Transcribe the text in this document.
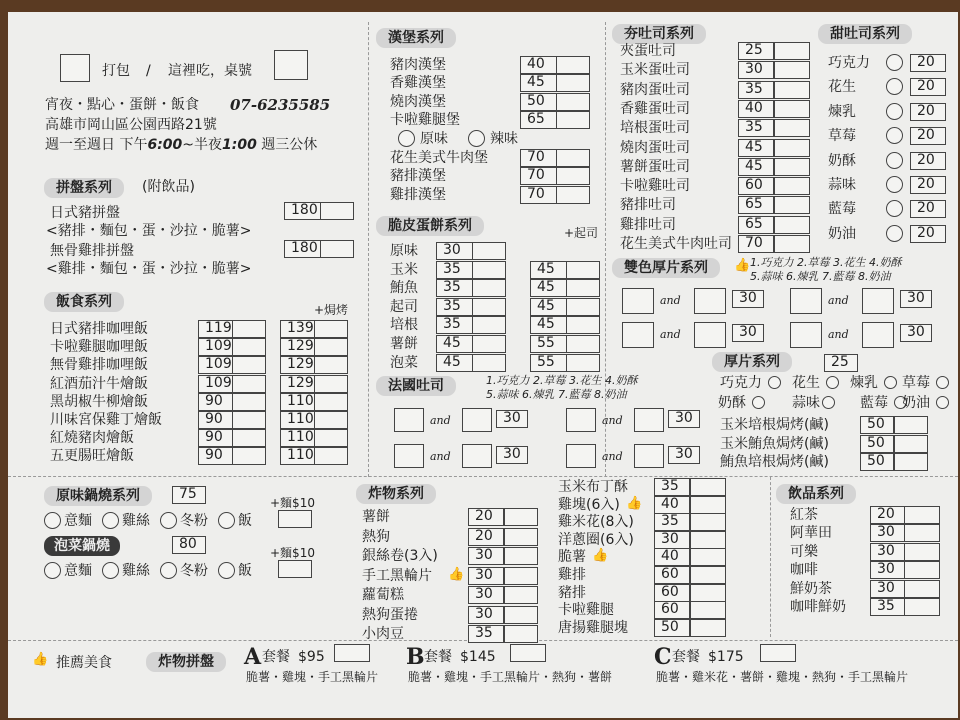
打包 / 這裡吃，桌號
宵夜・點心・蛋餅・飯食 07-6235585
高雄市岡山區公園西路21號
週一至週日 下午6:00~半夜1:00 週三公休
拼盤系列	(附飲品)
日式豬拼盤	180
<豬排・麵包・蛋・沙拉・脆薯>
無骨雞排拼盤	180
<雞排・麵包・蛋・沙拉・脆薯>
飯食系列	+焗烤
日式豬排咖哩飯	119	139
卡啦雞腿咖哩飯	109	129
無骨雞排咖哩飯	109	129
紅酒茄汁牛燴飯	109	129
黑胡椒牛柳燴飯	90	110
川味宮保雞丁燴飯	90	110
紅燒豬肉燴飯	90	110
五更腸旺燴飯	90	110
漢堡系列
豬肉漢堡	40
香雞漢堡	45
燒肉漢堡	50
卡啦雞腿堡	65
原味	辣味
花生美式牛肉堡	70
豬排漢堡	70
雞排漢堡	70
脆皮蛋餅系列	+起司
原味	30
玉米	35	45
鮪魚	35	45
起司	35	45
培根	35	45
薯餅	45	55
泡菜	45	55
法國吐司	1.巧克力 2.草莓 3.花生 4.奶酥
5.蒜味 6.煉乳 7.藍莓 8.奶油
and	30	and	30
and	30	and	30
夯吐司系列
夾蛋吐司	25
玉米蛋吐司	30
豬肉蛋吐司	35
香雞蛋吐司	40
培根蛋吐司	35
燒肉蛋吐司	45
薯餅蛋吐司	45
卡啦雞吐司	60
豬排吐司	65
雞排吐司	65
花生美式牛肉吐司 70
甜吐司系列
巧克力	20
花生	20
煉乳	20
草莓	20
奶酥	20
蒜味	20
藍莓	20
奶油	20
雙色厚片系列	👍 1.巧克力 2.草莓 3.花生 4.奶酥
5.蒜味 6.煉乳 7.藍莓 8.奶油
and	30	and	30
and	30	and	30
厚片系列	25
巧克力 花生 煉乳 草莓
奶酥	蒜味	藍莓 奶油
玉米培根焗烤(鹹)	50
玉米鮪魚焗烤(鹹)	50
鮪魚培根焗烤(鹹)	50
原味鍋燒系列	75
+麵$10
意麵 雞絲 冬粉 飯
泡菜鍋燒	80
+麵$10
意麵 雞絲 冬粉 飯
炸物系列
薯餅	20
熱狗	20
銀絲卷(3入)	30
手工黑輪片 👍 30
蘿蔔糕	30
熱狗蛋捲	30
小肉豆	35
玉米布丁酥	35
雞塊(6入) 👍	40
雞米花(8入)	35
洋蔥圈(6入)	30
脆薯 👍	40
雞排	60
豬排	60
卡啦雞腿	60
唐揚雞腿塊	50
飲品系列
紅茶	20
阿華田	30
可樂	30
咖啡	30
鮮奶茶	30
咖啡鮮奶	35
👍 推薦美食	炸物拼盤	A 套餐 $95
脆薯・雞塊・手工黑輪片
B 套餐 $145
脆薯・雞塊・手工黑輪片・熱狗・薯餅
C 套餐 $175
脆薯・雞米花・薯餅・雞塊・熱狗・手工黑輪片
